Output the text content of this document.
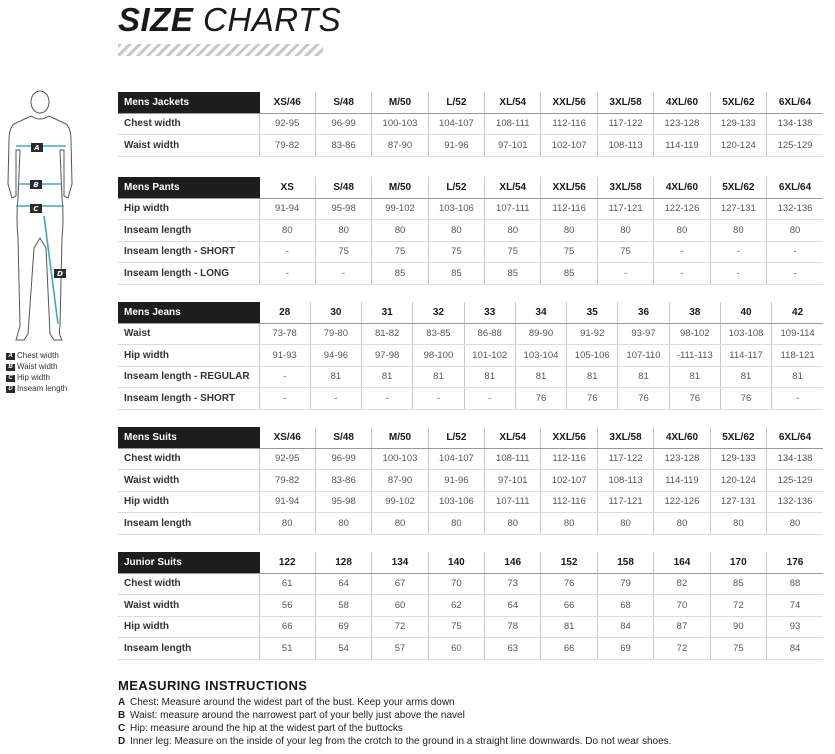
SIZE CHARTS
A
B
C
D
A Chest width
B Waist width
C Hip width
D Inseam length
Mens Jackets	XS/46	S/48	M/50	L/52	XL/54	XXL/56	3XL/58	4XL/60	5XL/62	6XL/64
Chest width	92-95	96-99	100-103	104-107	108-111	112-116	117-122	123-128	129-133	134-138
Waist width	79-82	83-86	87-90	91-96	97-101	102-107	108-113	114-119	120-124	125-129
Mens Pants	XS	S/48	M/50	L/52	XL/54	XXL/56	3XL/58	4XL/60	5XL/62	6XL/64
Hip width	91-94	95-98	99-102	103-106	107-111	112-116	117-121	122-126	127-131	132-136
Inseam length	80	80	80	80	80	80	80	80	80	80
Inseam length - SHORT	-	75	75	75	75	75	75	-	-	-
Inseam length - LONG	-	-	85	85	85	85	-	-	-	-
Mens Jeans	28	30	31	32	33	34	35	36	38	40	42
Waist	73-78	79-80	81-82	83-85	86-88	89-90	91-92	93-97	98-102	103-108	109-114
Hip width	91-93	94-96	97-98	98-100	101-102	103-104	105-106	107-110	-111-113	114-117	118-121
Inseam length - REGULAR	-	81	81	81	81	81	81	81	81	81	81
Inseam length - SHORT	-	-	-	-	-	76	76	76	76	76	-
Mens Suits	XS/46	S/48	M/50	L/52	XL/54	XXL/56	3XL/58	4XL/60	5XL/62	6XL/64
Chest width	92-95	96-99	100-103	104-107	108-111	112-116	117-122	123-128	129-133	134-138
Waist width	79-82	83-86	87-90	91-96	97-101	102-107	108-113	114-119	120-124	125-129
Hip width	91-94	95-98	99-102	103-106	107-111	112-116	117-121	122-126	127-131	132-136
Inseam length	80	80	80	80	80	80	80	80	80	80
Junior Suits	122	128	134	140	146	152	158	164	170	176
Chest width	61	64	67	70	73	76	79	82	85	88
Waist width	56	58	60	62	64	66	68	70	72	74
Hip width	66	69	72	75	78	81	84	87	90	93
Inseam length	51	54	57	60	63	66	69	72	75	84
MEASURING INSTRUCTIONS
A Chest: Measure around the widest part of the bust. Keep your arms down
B Waist: measure around the narrowest part of your belly just above the navel
C Hip: measure around the hip at the widest part of the buttocks
D Inner leg: Measure on the inside of your leg from the crotch to the ground in a straight line downwards. Do not wear shoes.
